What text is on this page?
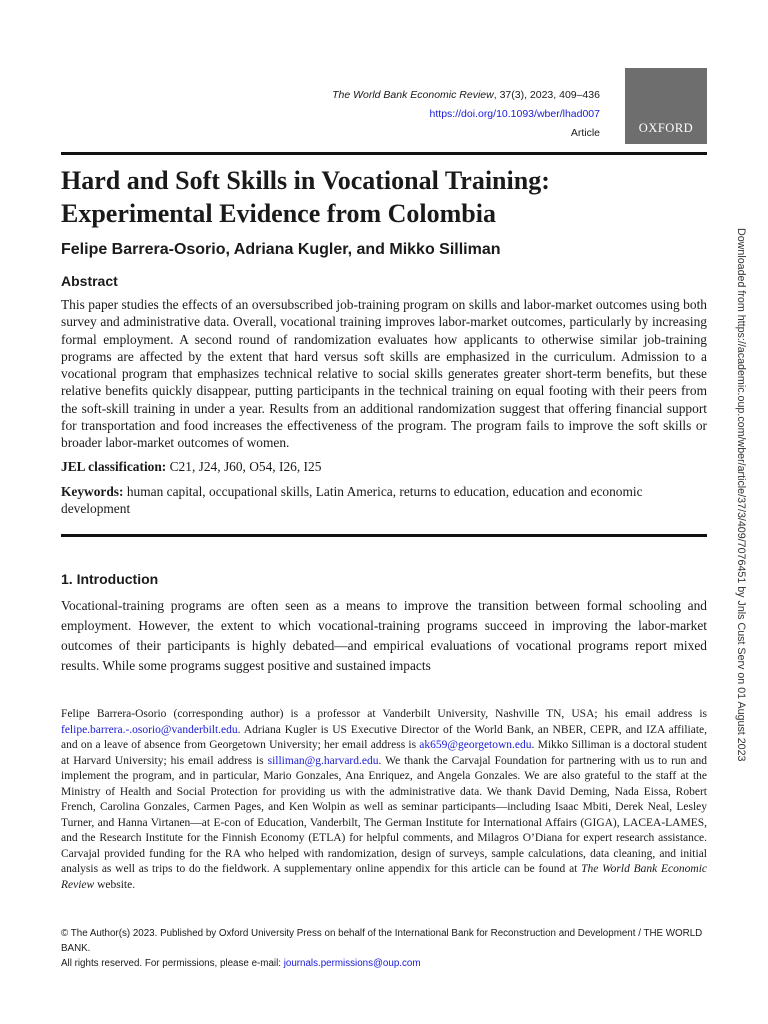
The World Bank Economic Review, 37(3), 2023, 409–436
https://doi.org/10.1093/wber/lhad007
Article	OXFORD
Hard and Soft Skills in Vocational Training: Experimental Evidence from Colombia
Felipe Barrera-Osorio, Adriana Kugler, and Mikko Silliman
Abstract

This paper studies the effects of an oversubscribed job-training program on skills and labor-market outcomes using both survey and administrative data. Overall, vocational training improves labor-market outcomes, particularly by increasing formal employment. A second round of randomization evaluates how applicants to otherwise similar job-training programs are affected by the extent that hard versus soft skills are emphasized in the curriculum. Admission to a vocational program that emphasizes technical relative to social skills generates greater short-term benefits, but these relative benefits quickly disappear, putting participants in the technical training on equal footing with their peers from the soft-skill training in under a year. Results from an additional randomization suggest that offering financial support for transportation and food increases the effectiveness of the program. The program fails to improve the soft skills or broader labor-market outcomes of women.

JEL classification: C21, J24, J60, O54, I26, I25
Keywords: human capital, occupational skills, Latin America, returns to education, education and economic development
1. Introduction

Vocational-training programs are often seen as a means to improve the transition between formal schooling and employment. However, the extent to which vocational-training programs succeed in improving the labor-market outcomes of their participants is highly debated—and empirical evaluations of vocational programs report mixed results. While some programs suggest positive and sustained impacts

Felipe Barrera-Osorio (corresponding author) is a professor at Vanderbilt University, Nashville TN, USA; his email address is felipe.barrera.-.osorio@vanderbilt.edu. Adriana Kugler is US Executive Director of the World Bank, an NBER, CEPR, and IZA affiliate, and on a leave of absence from Georgetown University; her email address is ak659@georgetown.edu. Mikko Silliman is a doctoral student at Harvard University; his email address is silliman@g.harvard.edu. We thank the Carvajal Foundation for partnering with us to run and implement the program, and in particular, Mario Gonzales, Ana Enriquez, and Angela Gonzales. We are also grateful to the staff at the Ministry of Health and Social Protection for providing us with the administrative data. We thank David Deming, Nada Eissa, Robert French, Carolina Gonzales, Carmen Pages, and Ken Wolpin as well as seminar participants—including Isaac Mbiti, Derek Neal, Lesley Turner, and Hanna Virtanen—at E-con of Education, Vanderbilt, The German Institute for International Affairs (GIGA), LACEA-LAMES, and the Research Institute for the Finnish Economy (ETLA) for helpful comments, and Milagros O’Diana for expert research assistance. Carvajal provided funding for the RA who helped with randomization, design of surveys, sample calculations, data cleaning, and initial analysis as well as trips to do the fieldwork. A supplementary online appendix for this article can be found at The World Bank Economic Review website.

© The Author(s) 2023. Published by Oxford University Press on behalf of the International Bank for Reconstruction and Development / THE WORLD BANK.
All rights reserved. For permissions, please e-mail: journals.permissions@oup.com
Downloaded from https://academic.oup.com/wber/article/37/3/409/7076451 by Jnls Cust Serv on 01 August 2023
